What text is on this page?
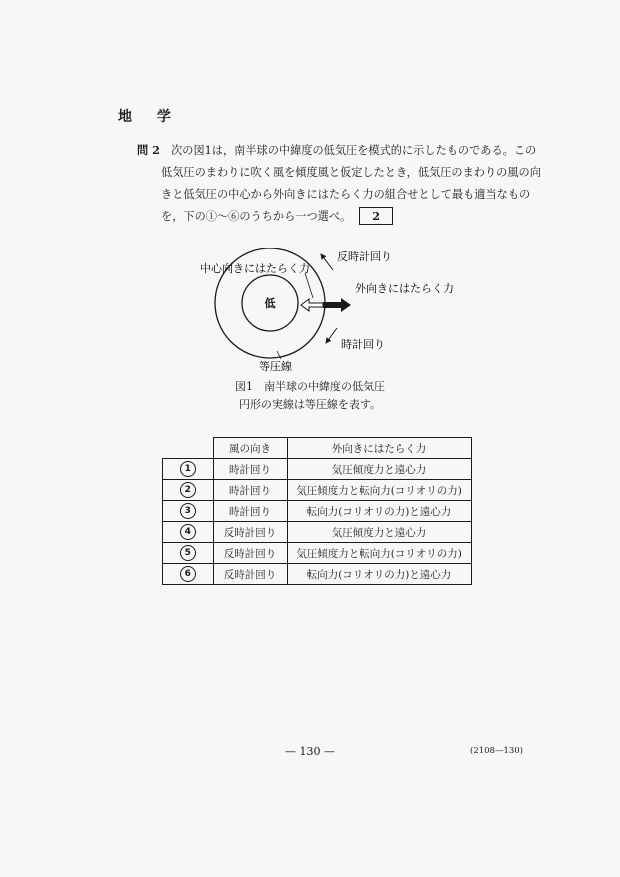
地 学
問 2　 次の図1は，南半球の中緯度の低気圧を模式的に示したものである。この
低気圧のまわりに吹く風を傾度風と仮定したとき，低気圧のまわりの風の向
きと低気圧の中心から外向きにはたらく力の組合せとして最も適当なもの
を，下の①～⑥のうちから一つ選べ。 2
低
中心向きにはたらく力
外向きにはたらく力
反時計回り
時計回り
等圧線
図1　南半球の中緯度の低気圧
円形の実線は等圧線を表す。
	風の向き	外向きにはたらく力
1	時計回り	気圧傾度力と遠心力
2	時計回り	気圧傾度力と転向力(コリオリの力)
3	時計回り	転向力(コリオリの力)と遠心力
4	反時計回り	気圧傾度力と遠心力
5	反時計回り	気圧傾度力と転向力(コリオリの力)
6	反時計回り	転向力(コリオリの力)と遠心力
— 130 —	(2108—130)
